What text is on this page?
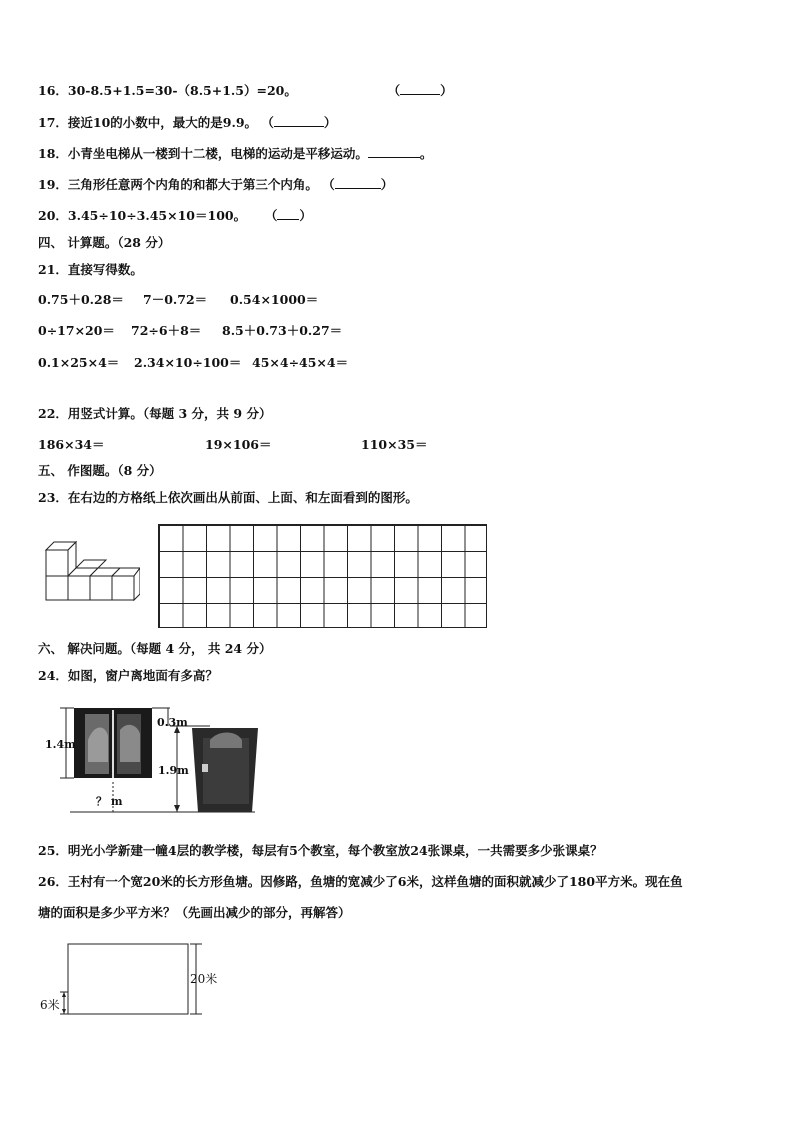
16．30-8.5+1.5=30-（8.5+1.5）=20。	（	）
17．接近10的小数中，最大的是9.9。 （	）
18．小青坐电梯从一楼到十二楼，电梯的运动是平移运动。	。
19．三角形任意两个内角的和都大于第三个内角。 （	）
20．3.45÷10÷3.45×10＝100。 （ ）
四、 计算题。（28 分）
21．直接写得数。
0.75＋0.28＝ 7－0.72＝ 0.54×1000＝
0÷17×20＝ 72÷6＋8＝ 8.5＋0.73＋0.27＝
0.1×25×4＝ 2.34×10÷100＝ 45×4÷45×4＝
22．用竖式计算。（每题 3 分，共 9 分）
186×34＝	19×106＝	110×35＝
五、 作图题。（8 分）
23．在右边的方格纸上依次画出从前面、上面、和左面看到的图形。
六、 解决问题。（每题 4 分， 共 24 分）
24．如图，窗户离地面有多高？
1.4m
0.3m
1.9m
？ m
25．明光小学新建一幢4层的教学楼，每层有5个教室，每个教室放24张课桌，一共需要多少张课桌？
26．王村有一个宽20米的长方形鱼塘。因修路，鱼塘的宽减少了6米，这样鱼塘的面积就减少了180平方米。现在鱼
塘的面积是多少平方米？（先画出减少的部分，再解答）
20米
6米
